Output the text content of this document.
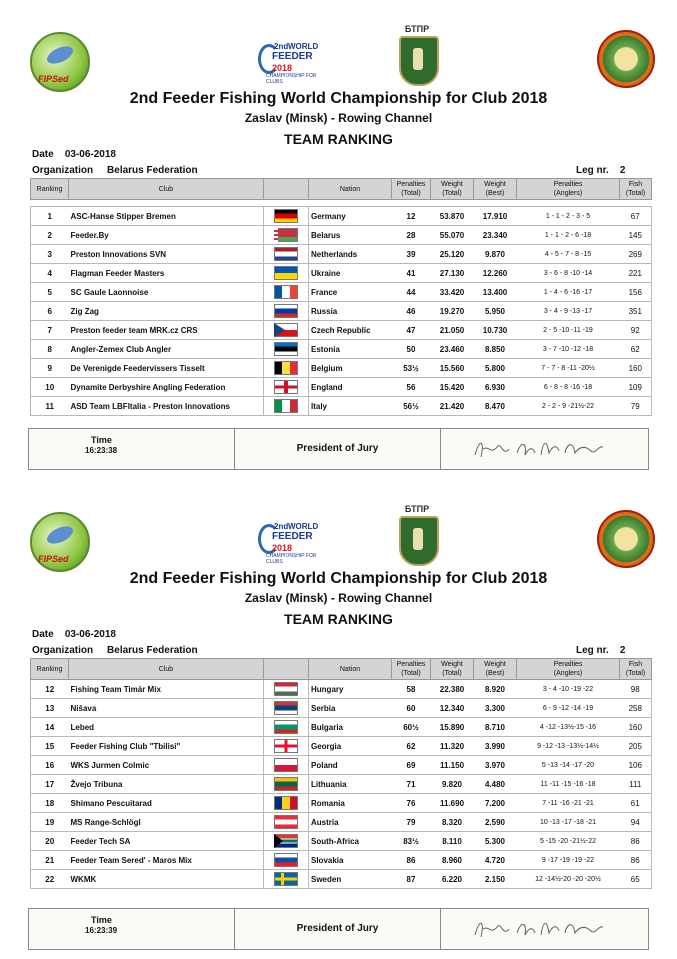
FIPSed
2nd WORLD
FEEDER
2018
CHAMPIONSHIP FOR CLUBS
БТПР
2nd Feeder Fishing World Championship for Club 2018
Zaslav (Minsk) - Rowing Channel
TEAM RANKING
Date 03-06-2018
Organization Belarus Federation	Leg nr. 2
Ranking	Club		Nation	Penalties
(Total)	Weight
(Total)	Weight
(Best)	Penalties
(Anglers)	Fish
(Total)

1	ASC-Hanse Stipper Bremen		Germany	12	53.870	17.910	1 - 1 - 2 - 3 - 5	67
2	Feeder.By		Belarus	28	55.070	23.340	1 - 1 - 2 - 6 -18	145
3	Preston Innovations SVN		Netherlands	39	25.120	9.870	4 - 5 - 7 - 8 -15	269
4	Flagman Feeder Masters		Ukraine	41	27.130	12.260	3 - 6 - 8 -10 -14	221
5	SC Gaule Laonnoise		France	44	33.420	13.400	1 - 4 - 6 -16 -17	156
6	Zig Zag		Russia	46	19.270	5.950	3 - 4 - 9 -13 -17	351
7	Preston feeder team MRK.cz CRS		Czech Republic	47	21.050	10.730	2 - 5 -10 -11 -19	92
8	Angler-Zemex Club Angler		Estonia	50	23.460	8.850	3 - 7 -10 -12 -18	62
9	De Verenigde Feedervissers Tisselt		Belgium	53½	15.560	5.800	7 - 7 - 8 -11 -20½	160
10	Dynamite Derbyshire Angling Federation		England	56	15.420	6.930	6 - 8 - 8 -16 -18	109
11	ASD Team LBFItalia - Preston Innovations		Italy	56½	21.420	8.470	2 - 2 - 9 -21½-22	79
Time
16:23:38	President of Jury
FIPSed
2nd WORLD
FEEDER
2018
CHAMPIONSHIP FOR CLUBS
БТПР
2nd Feeder Fishing World Championship for Club 2018
Zaslav (Minsk) - Rowing Channel
TEAM RANKING
Date 03-06-2018
Organization Belarus Federation	Leg nr. 2
Ranking	Club		Nation	Penalties
(Total)	Weight
(Total)	Weight
(Best)	Penalties
(Anglers)	Fish
(Total)
12	Fishing Team Timár Mix		Hungary	58	22.380	8.920	3 - 4 -10 -19 -22	98
13	Nišava		Serbia	60	12.340	3.300	6 - 9 -12 -14 -19	258
14	Lebed		Bulgaria	60½	15.890	8.710	4 -12 -13½-15 -16	160
15	Feeder Fishing Club "Tbilisi"		Georgia	62	11.320	3.990	9 -12 -13 -13½-14½	205
16	WKS Jurmen Colmic		Poland	69	11.150	3.970	5 -13 -14 -17 -20	106
17	Žvejo Tribuna		Lithuania	71	9.820	4.480	11 -11 -15 -16 -18	111
18	Shimano Pescuitarad		Romania	76	11.690	7.200	7 -11 -16 -21 -21	61
19	MS Range-Schlögl		Austria	79	8.320	2.590	10 -13 -17 -18 -21	94
20	Feeder Tech SA		South-Africa	83½	8.110	5.300	5 -15 -20 -21½-22	86
21	Feeder Team Sered' - Maros Mix		Slovakia	86	8.960	4.720	9 -17 -19 -19 -22	86
22	WKMK		Sweden	87	6.220	2.150	12 -14½-20 -20 -20½	65
Time
16:23:39	President of Jury
